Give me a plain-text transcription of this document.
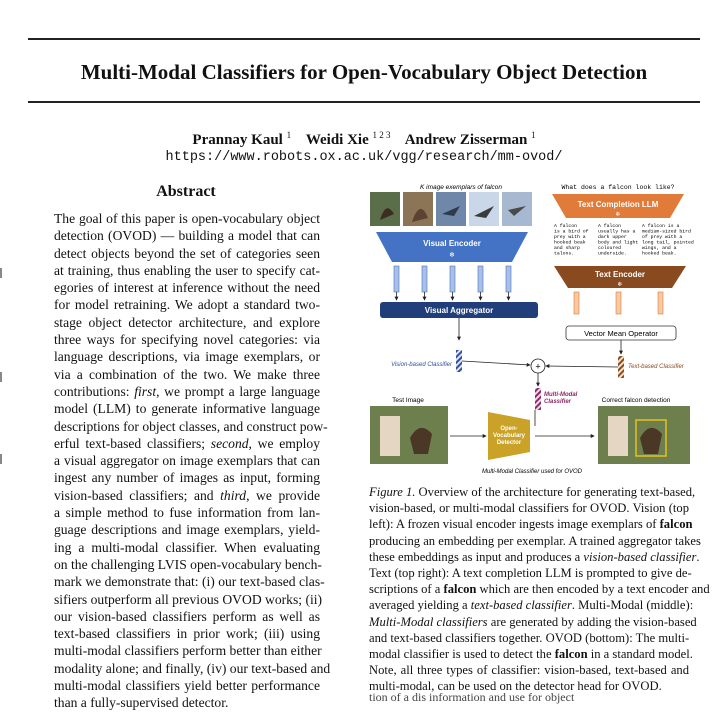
Multi-Modal Classifiers for Open-Vocabulary Object Detection
Prannay Kaul $^1$ Weidi Xie $^{1 2 3}$ Andrew Zisserman $^1$
https://www.robots.ox.ac.uk/vgg/research/mm-ovod/
Abstract
The goal of this paper is open-vocabulary object
detection (OVOD) — building a model that can
detect objects beyond the set of categories seen
at training, thus enabling the user to specify cat-
egories of interest at inference without the need
for model retraining. We adopt a standard two-
stage object detector architecture, and explore
three ways for specifying novel categories: via
language descriptions, via image exemplars, or
via a combination of the two. We make three
contributions: first, we prompt a large language
model (LLM) to generate informative language
descriptions for object classes, and construct pow-
erful text-based classifiers; second, we employ
a visual aggregator on image exemplars that can
ingest any number of images as input, forming
vision-based classifiers; and third, we provide
a simple method to fuse information from lan-
guage descriptions and image exemplars, yield-
ing a multi-modal classifier. When evaluating
on the challenging LVIS open-vocabulary bench-
mark we demonstrate that: (i) our text-based clas-
sifiers outperform all previous OVOD works; (ii)
our vision-based classifiers perform as well as
text-based classifiers in prior work; (iii) using
multi-modal classifiers perform better than either
modality alone; and finally, (iv) our text-based and
multi-modal classifiers yield better performance
than a fully-supervised detector.
K image exemplars of falcon
Visual Encoder
❄
Visual Aggregator
What does a falcon look like?
Text Completion LLM
❄
A falcon is a bird of prey with a hooked beak and sharp talons.
A falcon usually has a dark upper body and light coloured underside.
A falcon is a medium-sized bird of prey with a long tail, pointed wings, and a hooked beak.
Text Encoder
❄
Vector Mean Operator
Vision-based Classifier	Text-based Classifier
+
Multi-Modal Classifier
Test Image
Open-Vocabulary Detector
Correct falcon detection
Multi-Modal Classifier used for OVOD
Figure 1. Overview of the architecture for generating text-based,
vision-based, or multi-modal classifiers for OVOD. Vision (top
left): A frozen visual encoder ingests image exemplars of falcon
producing an embedding per exemplar. A trained aggregator takes
these embeddings as input and produces a vision-based classifier.
Text (top right): A text completion LLM is prompted to give de-
scriptions of a falcon which are then encoded by a text encoder and
averaged yielding a text-based classifier. Multi-Modal (middle):
Multi-Modal classifiers are generated by adding the vision-based
and text-based classifiers together. OVOD (bottom): The multi-
modal classifier is used to detect the falcon in a standard model.
Note, all three types of classifier: vision-based, text-based and
multi-modal, can be used on the detector head for OVOD.
tion of a dis information and use for object
